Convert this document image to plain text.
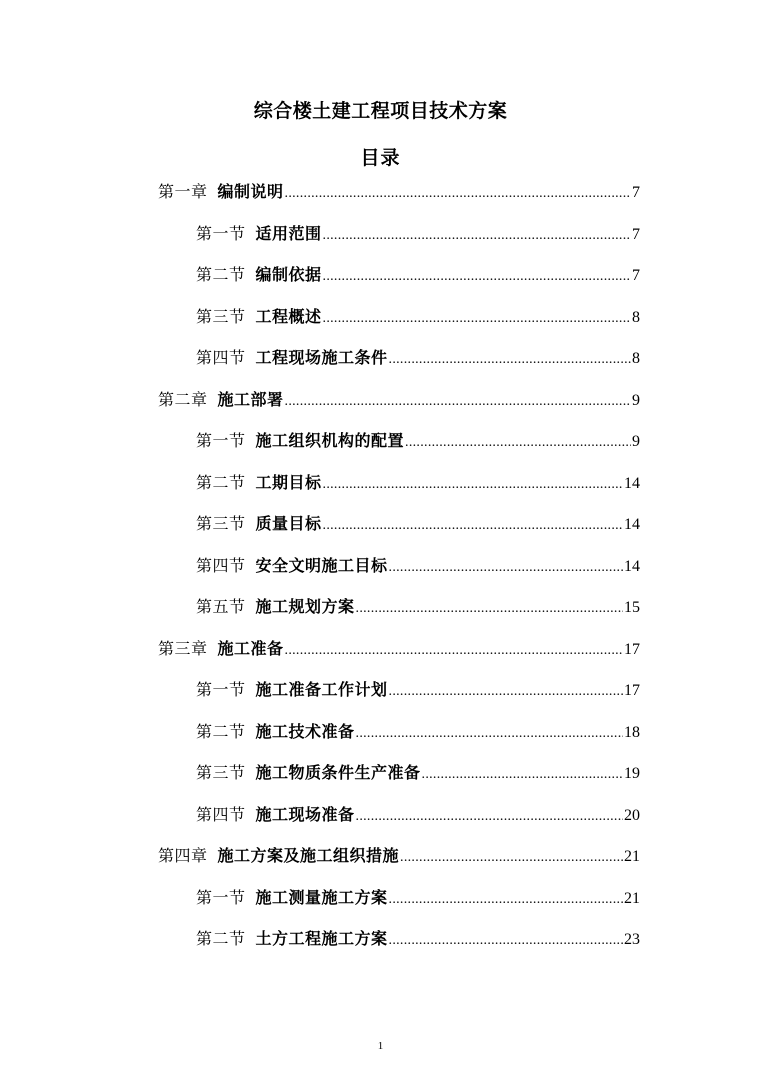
综合楼土建工程项目技术方案
目录
第一章 编制说明 .....	7
第一节 适用范围 .....	7
第二节 编制依据 .....	7
第三节 工程概述 .....	8
第四节 工程现场施工条件 .....	8
第二章 施工部署 .....	9
第一节 施工组织机构的配置 .....	9
第二节 工期目标 .....	14
第三节 质量目标 .....	14
第四节 安全文明施工目标 .....	14
第五节 施工规划方案 .....	15
第三章 施工准备 .....	17
第一节 施工准备工作计划 .....	17
第二节 施工技术准备 .....	18
第三节 施工物质条件生产准备 .....	19
第四节 施工现场准备 .....	20
第四章 施工方案及施工组织措施 .....	21
第一节 施工测量施工方案 .....	21
第二节 土方工程施工方案 .....	23
1
